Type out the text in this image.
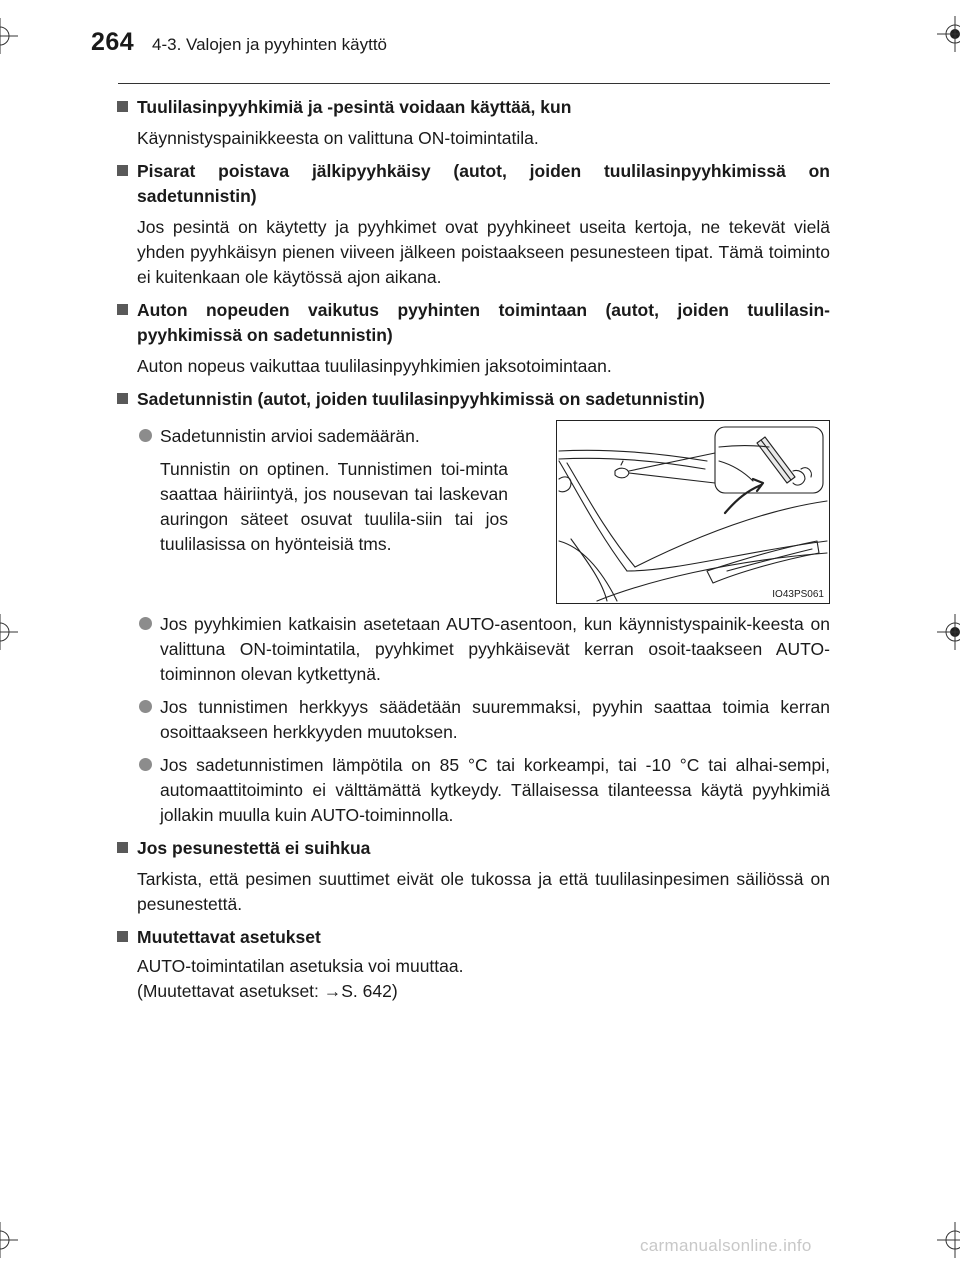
264 4-3. Valojen ja pyyhinten käyttö
Tuulilasinpyyhkimiä ja -pesintä voidaan käyttää, kun
Käynnistyspainikkeesta on valittuna ON-toimintatila.
Pisarat poistava jälkipyyhkäisy (autot, joiden tuulilasinpyyhkimissä on sadetunnistin)
Jos pesintä on käytetty ja pyyhkimet ovat pyyhkineet useita kertoja, ne tekevät vielä yhden pyyhkäisyn pienen viiveen jälkeen poistaakseen pesunesteen tipat. Tämä toiminto ei kuitenkaan ole käytössä ajon aikana.
Auton nopeuden vaikutus pyyhinten toimintaan (autot, joiden tuulilasin-pyyhkimissä on sadetunnistin)
Auton nopeus vaikuttaa tuulilasinpyyhkimien jaksotoimintaan.
Sadetunnistin (autot, joiden tuulilasinpyyhkimissä on sadetunnistin)
Sadetunnistin arvioi sademäärän.
Tunnistin on optinen. Tunnistimen toi-minta saattaa häiriintyä, jos nousevan tai laskevan auringon säteet osuvat tuulila-siin tai jos tuulilasissa on hyönteisiä tms.
IO43PS061
Jos pyyhkimien katkaisin asetetaan AUTO-asentoon, kun käynnistyspainik-keesta on valittuna ON-toimintatila, pyyhkimet pyyhkäisevät kerran osoit-taakseen AUTO-toiminnon olevan kytkettynä.
Jos tunnistimen herkkyys säädetään suuremmaksi, pyyhin saattaa toimia kerran osoittaakseen herkkyyden muutoksen.
Jos sadetunnistimen lämpötila on 85 °C tai korkeampi, tai -10 °C tai alhai-sempi, automaattitoiminto ei välttämättä kytkeydy. Tällaisessa tilanteessa käytä pyyhkimiä jollakin muulla kuin AUTO-toiminnolla.
Jos pesunestettä ei suihkua
Tarkista, että pesimen suuttimet eivät ole tukossa ja että tuulilasinpesimen säiliössä on pesunestettä.
Muutettavat asetukset
AUTO-toimintatilan asetuksia voi muuttaa.
(Muutettavat asetukset: →S. 642)
carmanualsonline.info
